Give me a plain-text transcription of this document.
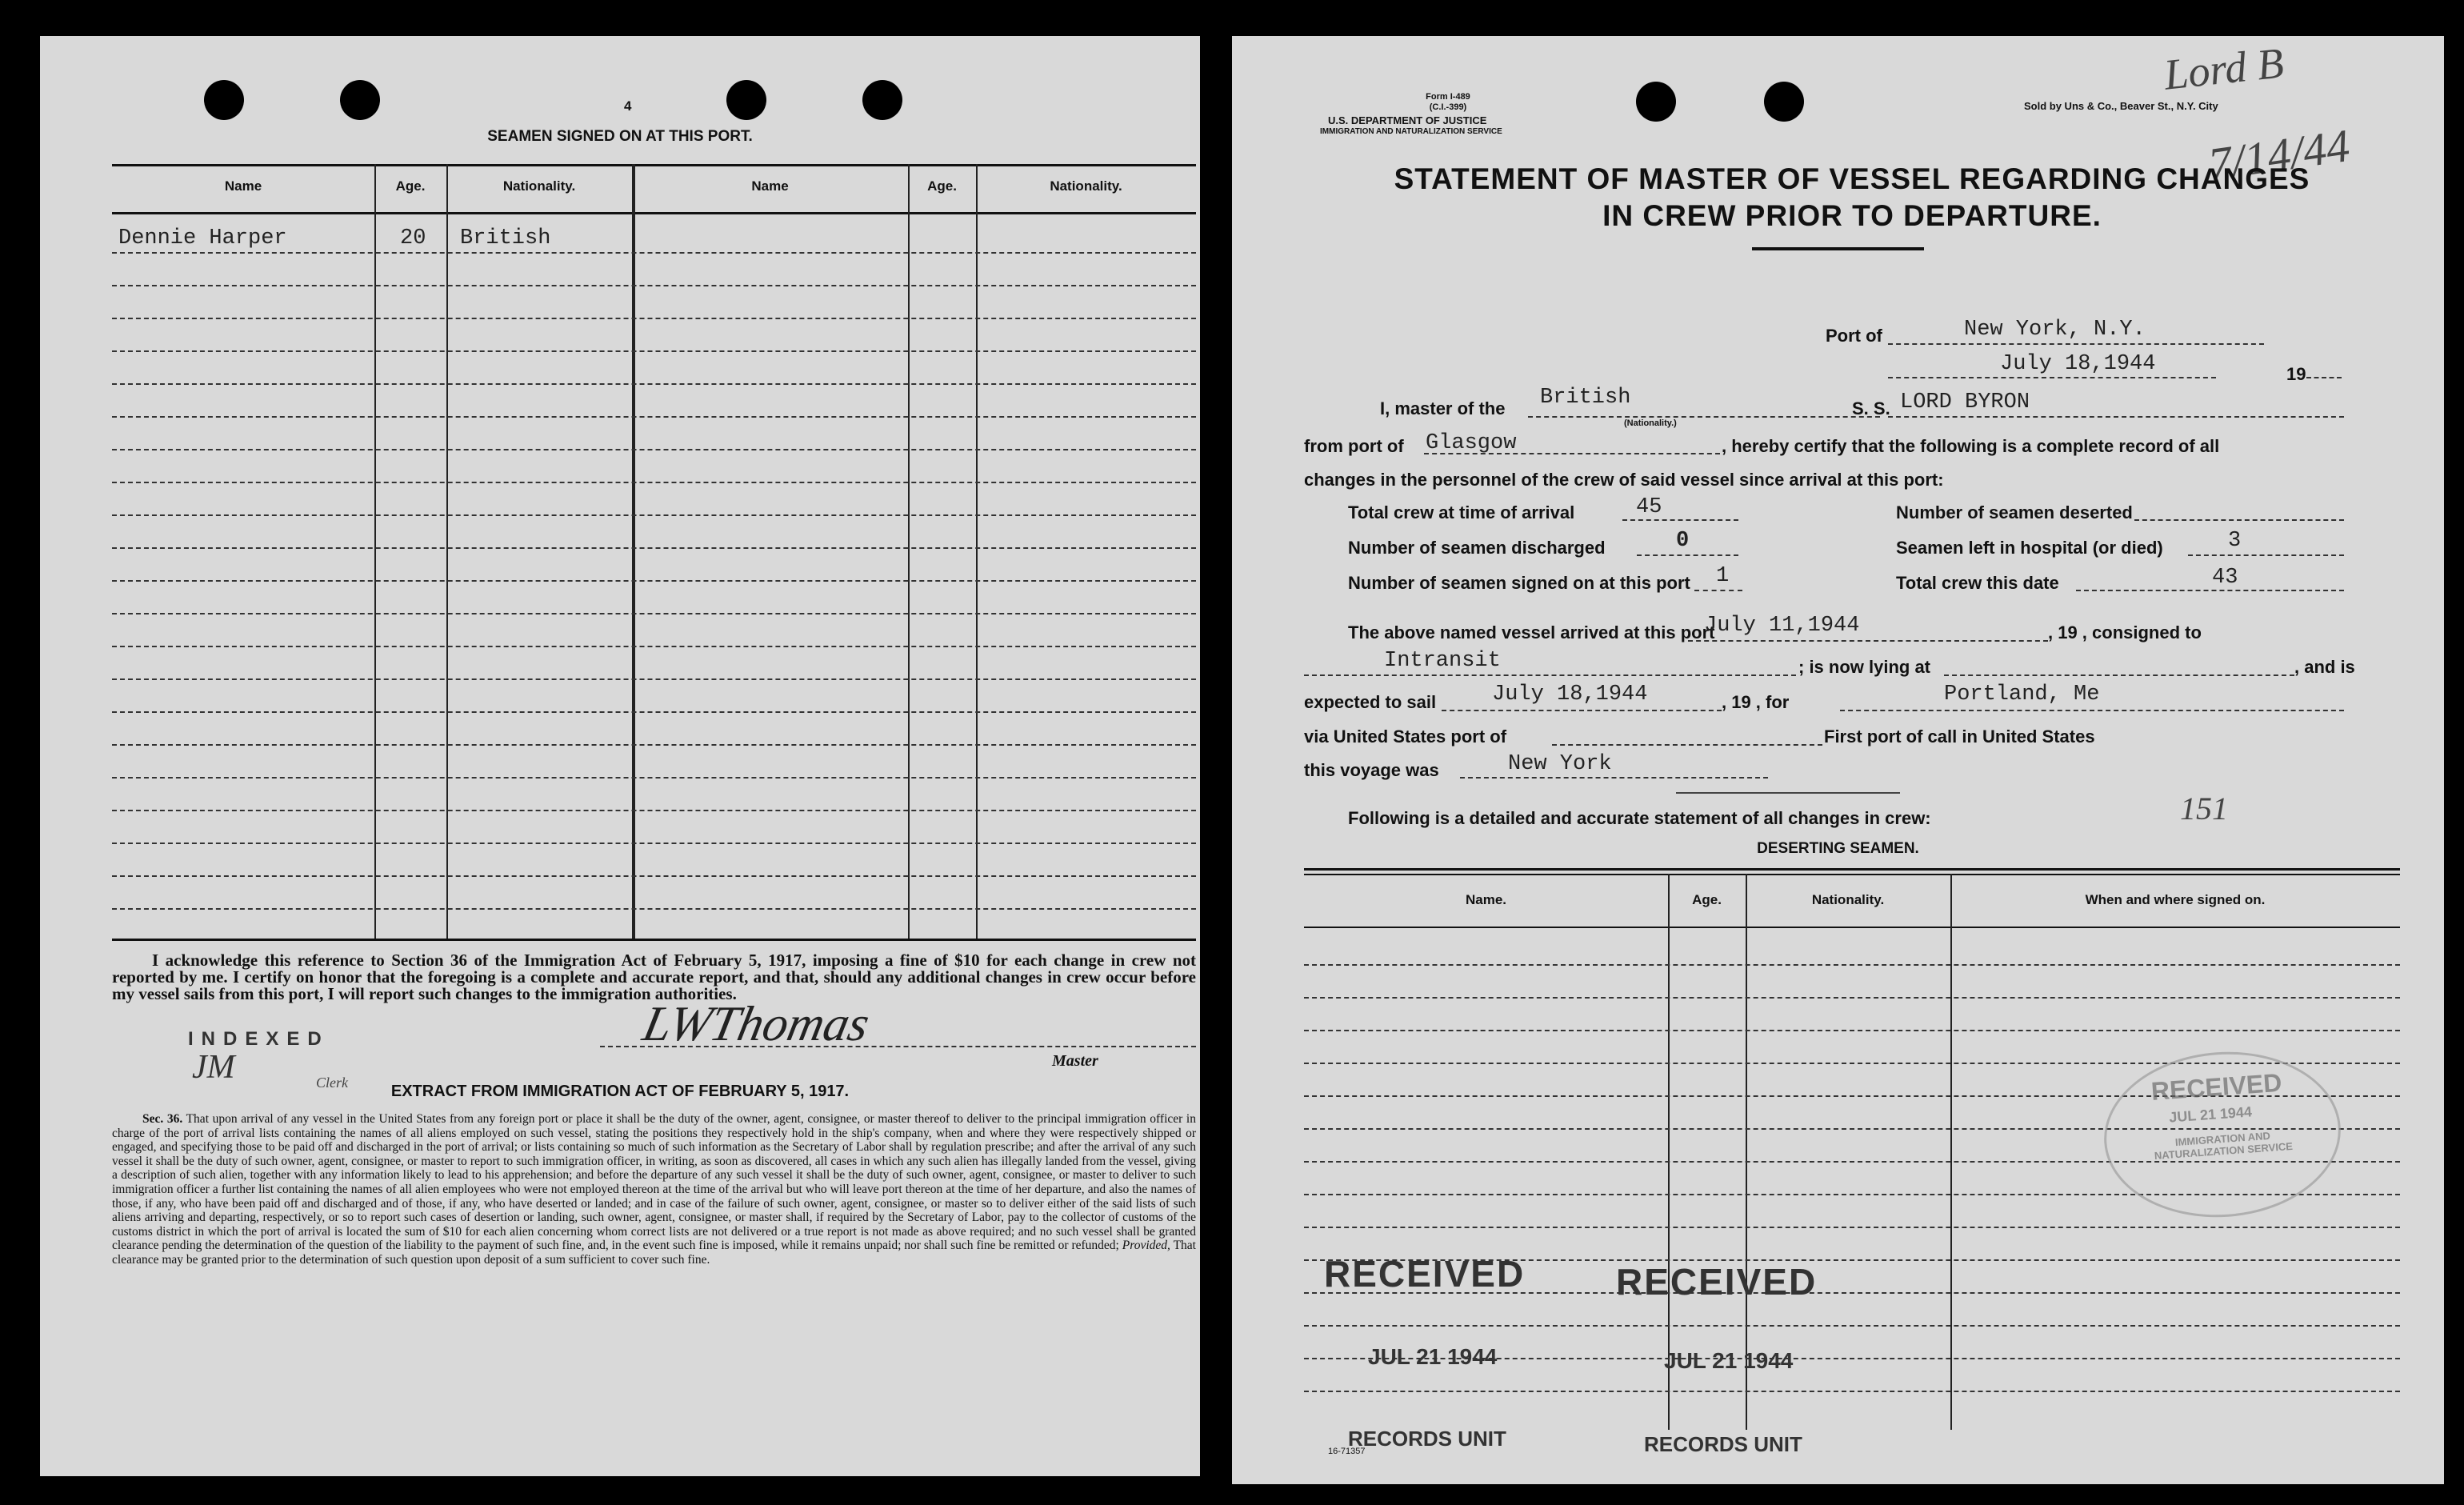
4
SEAMEN SIGNED ON AT THIS PORT.
Name	Age.	Nationality.	Name	Age.	Nationality.
Dennie Harper	20 British
I acknowledge this reference to Section 36 of the Immigration Act of February 5, 1917, imposing a fine of $10 for each change in crew not reported by me. I certify on honor that the foregoing is a complete and accurate report, and that, should any additional changes in crew occur before my vessel sails from this port, I will report such changes to the immigration authorities.
INDEXED
JM	Clerk
LWThomas
Master
EXTRACT FROM IMMIGRATION ACT OF FEBRUARY 5, 1917.
Sec. 36. That upon arrival of any vessel in the United States from any foreign port or place it shall be the duty of the owner, agent, consignee, or master thereof to deliver to the principal immigration officer in charge of the port of arrival lists containing the names of all aliens employed on such vessel, stating the positions they respectively hold in the ship's company, when and where they were respectively shipped or engaged, and specifying those to be paid off and discharged in the port of arrival; or lists containing so much of such information as the Secretary of Labor shall by regulation prescribe; and after the arrival of any such vessel it shall be the duty of such owner, agent, consignee, or master to report to such immigration officer, in writing, as soon as discovered, all cases in which any such alien has illegally landed from the vessel, giving a description of such alien, together with any information likely to lead to his apprehension; and before the departure of any such vessel it shall be the duty of such owner, agent, consignee, or master to deliver to such immigration officer a further list containing the names of all alien employees who were not employed thereon at the time of the arrival but who will leave port thereon at the time of her departure, and also the names of those, if any, who have been paid off and discharged and of those, if any, who have deserted or landed; and in case of the failure of such owner, agent, consignee, or master so to deliver either of the said lists of such aliens arriving and departing, respectively, or so to report such cases of desertion or landing, such owner, agent, consignee, or master shall, if required by the Secretary of Labor, pay to the collector of customs of the customs district in which the port of arrival is located the sum of $10 for each alien concerning whom correct lists are not delivered or a true report is not made as above required; and no such vessel shall be granted clearance pending the determination of the question of the liability to the payment of such fine, and, in the event such fine is imposed, while it remains unpaid; nor shall such fine be remitted or refunded; Provided, That clearance may be granted prior to the determination of such question upon deposit of a sum sufficient to cover such fine.
Lord B
7/14/44
Form I-489
(C.I.-399)
U.S. DEPARTMENT OF JUSTICE
IMMIGRATION AND NATURALIZATION SERVICE
Sold by Uns & Co., Beaver St., N.Y. City
STATEMENT OF MASTER OF VESSEL REGARDING CHANGES
IN CREW PRIOR TO DEPARTURE.
Port of	New York, N.Y.
July 18,1944	19
I, master of the British
(Nationality.)
S. S. LORD BYRON
from port of Glasgow	, hereby certify that the following is a complete record of all
changes in the personnel of the crew of said vessel since arrival at this port:
Total crew at time of arrival	45	Number of seamen deserted
Number of seamen discharged	0	Seamen left in hospital (or died)	3
Number of seamen signed on at this port 1	Total crew this date	43
The above named vessel arrived at this port
July 11,1944	, 19 , consigned to
Intransit	; is now lying at	, and is
expected to sail	July 18,1944	, 19 , for	Portland, Me
via United States port of	First port of call in United States
this voyage was	New York
Following is a detailed and accurate statement of all changes in crew:	151
DESERTING SEAMEN.
Name.	Age.	Nationality.	When and where signed on.
RECEIVED
JUL 21 1944
IMMIGRATION AND NATURALIZATION SERVICE
RECEIVED RECEIVED
JUL 21 1944	JUL 21 1944
RECORDS UNIT	RECORDS UNIT
16-71357
